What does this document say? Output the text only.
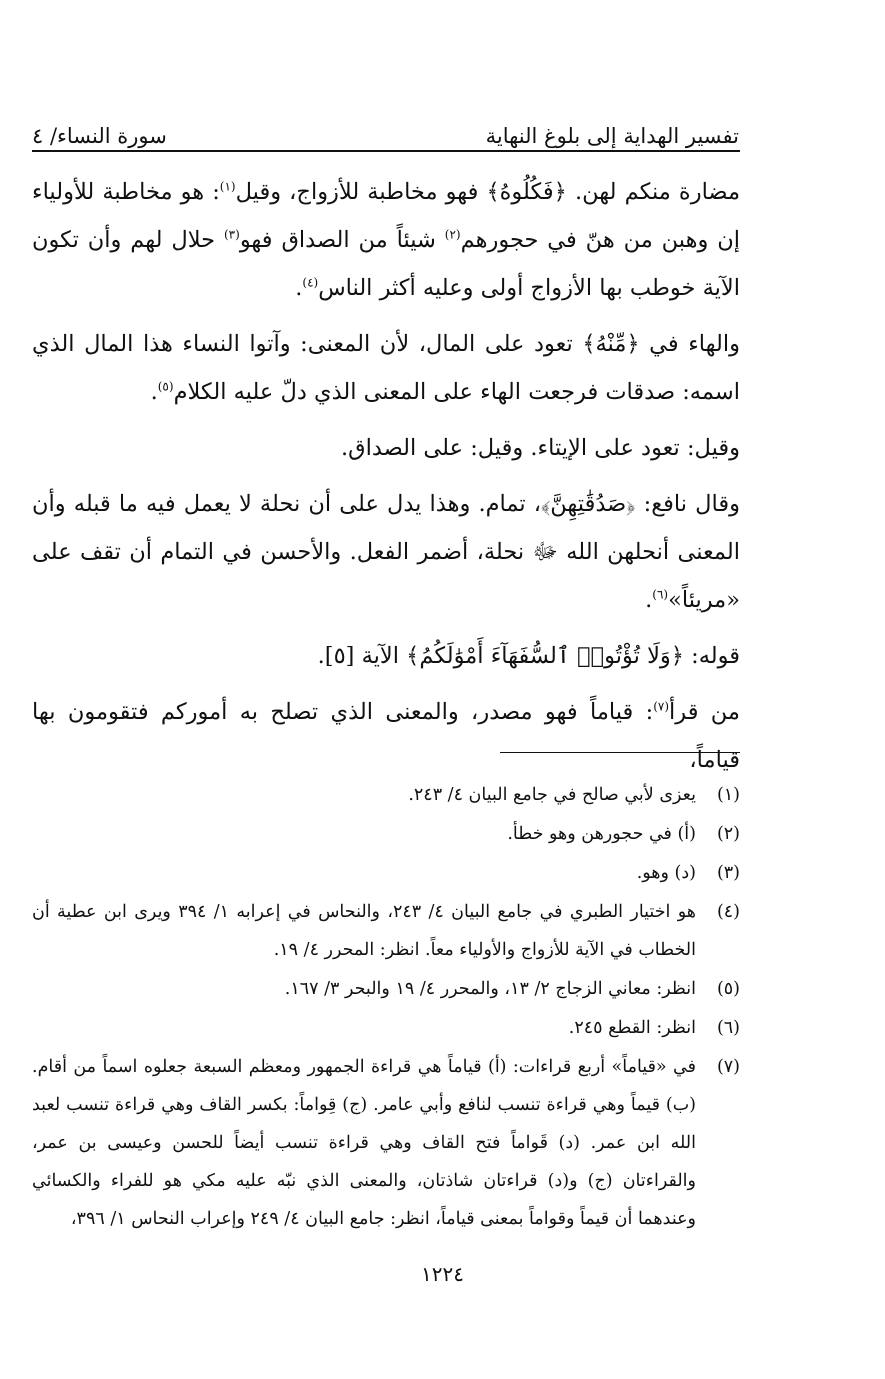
تفسير الهداية إلى بلوغ النهاية
سورة النساء/ ٤

مضارة منكم لهن. ﴿فَكُلُوهُ﴾ فهو مخاطبة للأزواج، وقيل$^{(١)}$: هو مخاطبة للأولياء إن وهبن من هنّ في حجورهم$^{(٢)}$ شيئاً من الصداق فهو$^{(٣)}$ حلال لهم وأن تكون الآية خوطب بها الأزواج أولى وعليه أكثر الناس$^{(٤)}$.

والهاء في ﴿مِّنْهُ﴾ تعود على المال، لأن المعنى: وآتوا النساء هذا المال الذي اسمه: صدقات فرجعت الهاء على المعنى الذي دلّ عليه الكلام$^{(٥)}$.

وقيل: تعود على الإيتاء. وقيل: على الصداق.

وقال نافع: ﴿صَدُقَٰتِهِنَّ﴾، تمام. وهذا يدل على أن نحلة لا يعمل فيه ما قبله وأن المعنى أنحلهن الله ﷻ نحلة، أضمر الفعل. والأحسن في التمام أن تقف على «مريئاً»$^{(٦)}$.

قوله: ﴿وَلَا تُؤْتُوا۟ ٱلسُّفَهَآءَ أَمْوَٰلَكُمُ﴾ الآية [٥].

من قرأ$^{(٧)}$: قياماً فهو مصدر، والمعنى الذي تصلح به أموركم فتقومون بها قياماً،

(١)
يعزى لأبي صالح في جامع البيان ٤/ ٢٤٣.
(٢)
(أ) في حجورهن وهو خطأ.
(٣)
(د) وهو.
(٤)
هو اختيار الطبري في جامع البيان ٤/ ٢٤٣، والنحاس في إعرابه ١/ ٣٩٤ ويرى ابن عطية أن الخطاب في الآية للأزواج والأولياء معاً. انظر: المحرر ٤/ ١٩.
(٥)
انظر: معاني الزجاج ٢/ ١٣، والمحرر ٤/ ١٩ والبحر ٣/ ١٦٧.
(٦)
انظر: القطع ٢٤٥.
(٧)
في «قياماً» أربع قراءات: (أ) قياماً هي قراءة الجمهور ومعظم السبعة جعلوه اسماً من أقام. (ب) قيماً وهي قراءة تنسب لنافع وأبي عامر. (ج) قِواماً: بكسر القاف وهي قراءة تنسب لعبد الله ابن عمر. (د) قَواماً فتح القاف وهي قراءة تنسب أيضاً للحسن وعيسى بن عمر، والقراءتان (ج) و(د) قراءتان شاذتان، والمعنى الذي نبّه عليه مكي هو للفراء والكسائي وعندهما أن قيماً وقواماً بمعنى قياماً، انظر: جامع البيان ٤/ ٢٤٩ وإعراب النحاس ١/ ٣٩٦،
١٢٢٤
